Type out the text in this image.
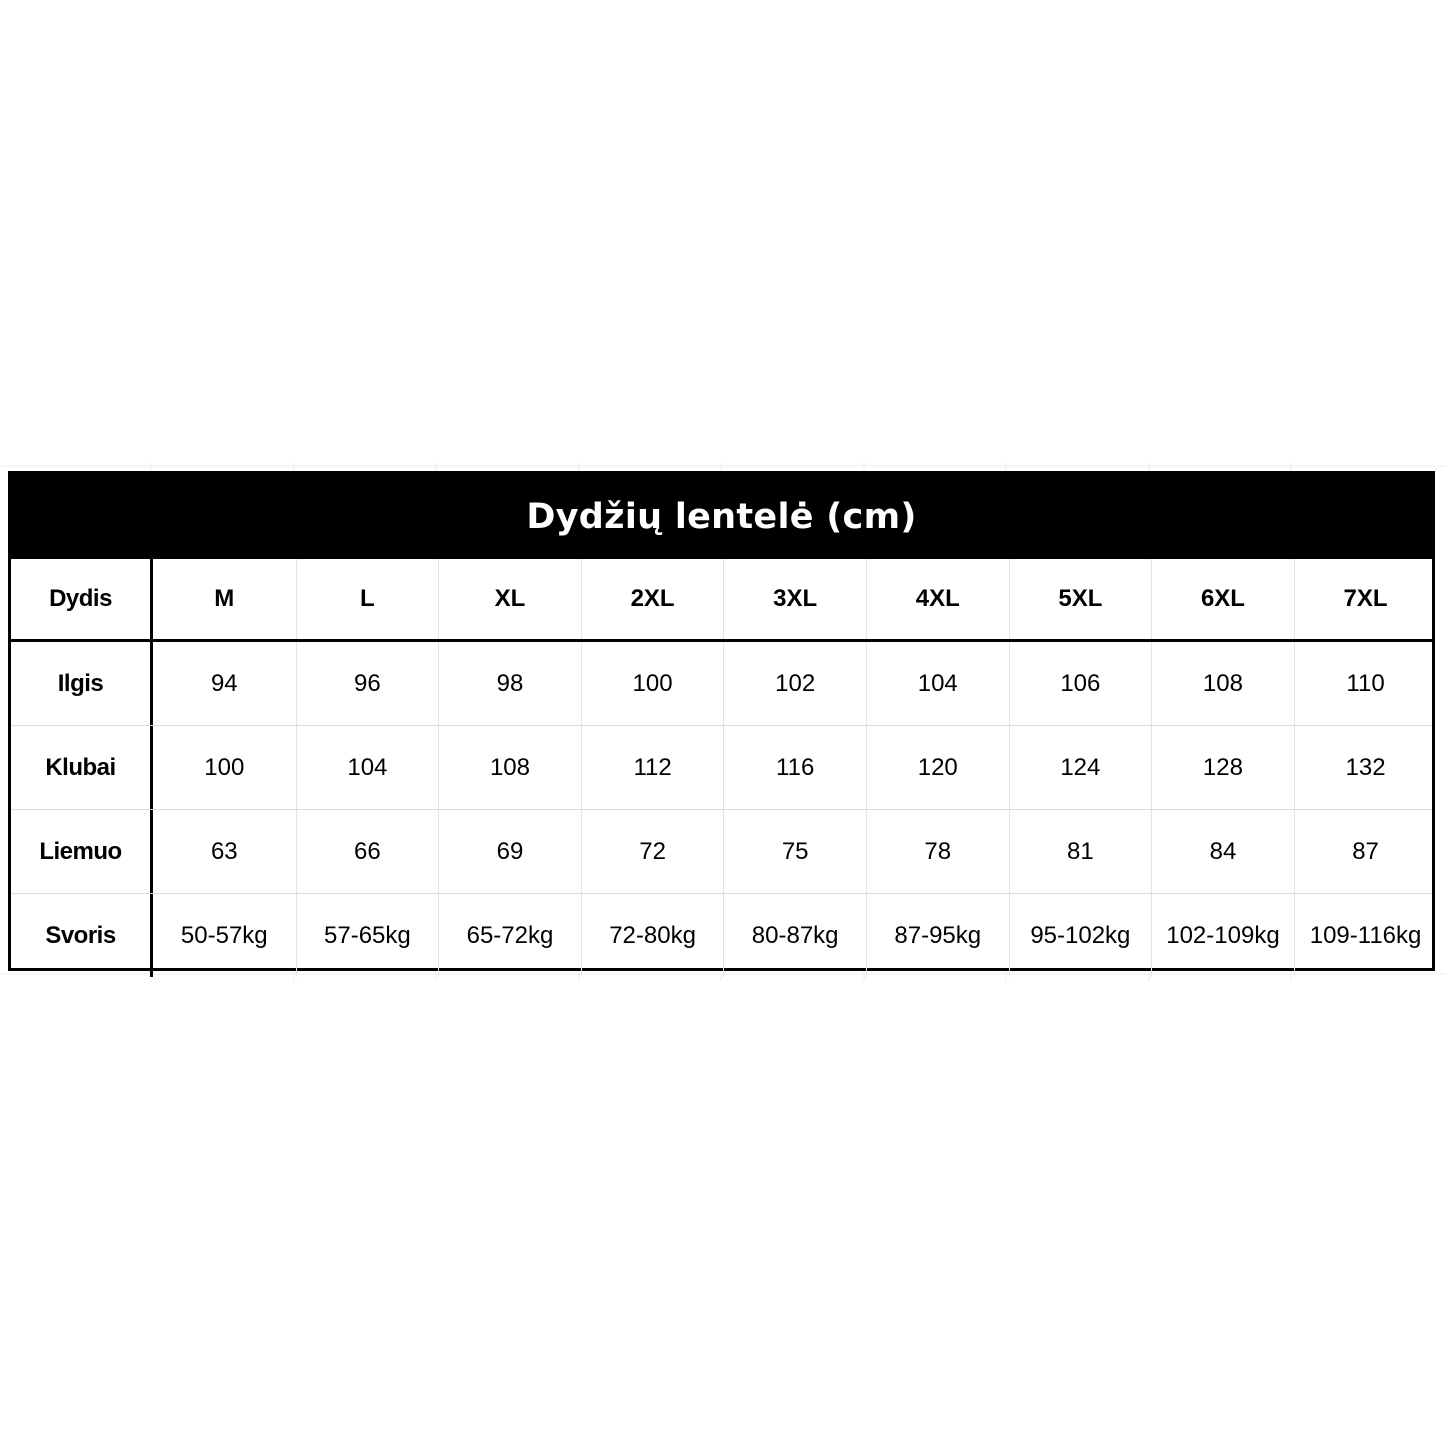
Dydžių lentelė (cm)
Dydis	M	L	XL	2XL	3XL	4XL	5XL	6XL	7XL
Ilgis	94	96	98	100	102	104	106	108	110
Klubai	100	104	108	112	116	120	124	128	132
Liemuo	63	66	69	72	75	78	81	84	87
Svoris	50-57kg	57-65kg	65-72kg	72-80kg	80-87kg	87-95kg	95-102kg	102-109kg	109-116kg
